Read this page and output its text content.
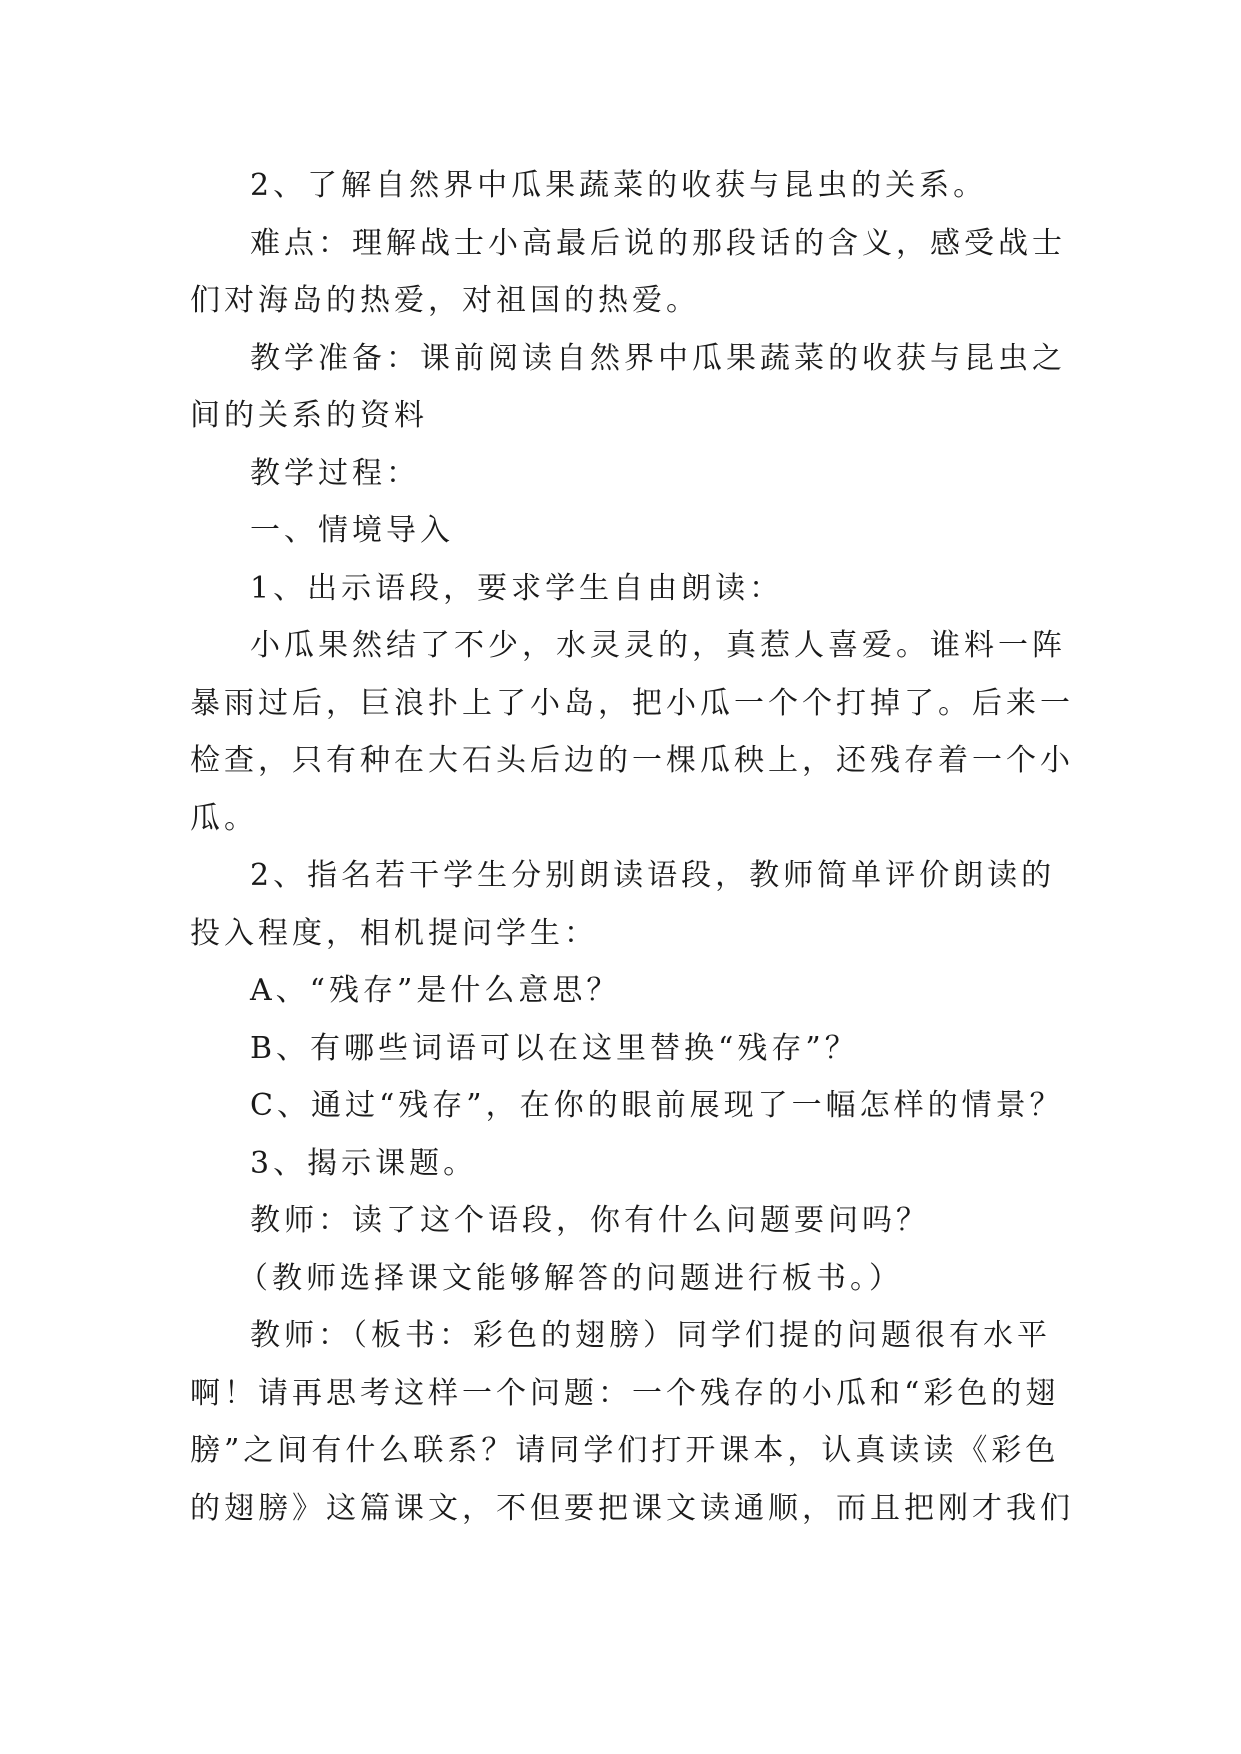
2、了解自然界中瓜果蔬菜的收获与昆虫的关系。

难点：理解战士小高最后说的那段话的含义，感受战士

们对海岛的热爱，对祖国的热爱。

教学准备：课前阅读自然界中瓜果蔬菜的收获与昆虫之

间的关系的资料

教学过程：

一、情境导入

1、出示语段，要求学生自由朗读：

小瓜果然结了不少，水灵灵的，真惹人喜爱。谁料一阵

暴雨过后，巨浪扑上了小岛，把小瓜一个个打掉了。后来一

检查，只有种在大石头后边的一棵瓜秧上，还残存着一个小

瓜。

2、指名若干学生分别朗读语段，教师简单评价朗读的

投入程度，相机提问学生：

A、“残存”是什么意思？

B、有哪些词语可以在这里替换“残存”？

C、通过“残存”，在你的眼前展现了一幅怎样的情景？

3、揭示课题。

教师：读了这个语段，你有什么问题要问吗？

（教师选择课文能够解答的问题进行板书。）

教师：（板书：彩色的翅膀）同学们提的问题很有水平

啊！请再思考这样一个问题：一个残存的小瓜和“彩色的翅

膀”之间有什么联系？请同学们打开课本，认真读读《彩色

的翅膀》这篇课文，不但要把课文读通顺，而且把刚才我们
